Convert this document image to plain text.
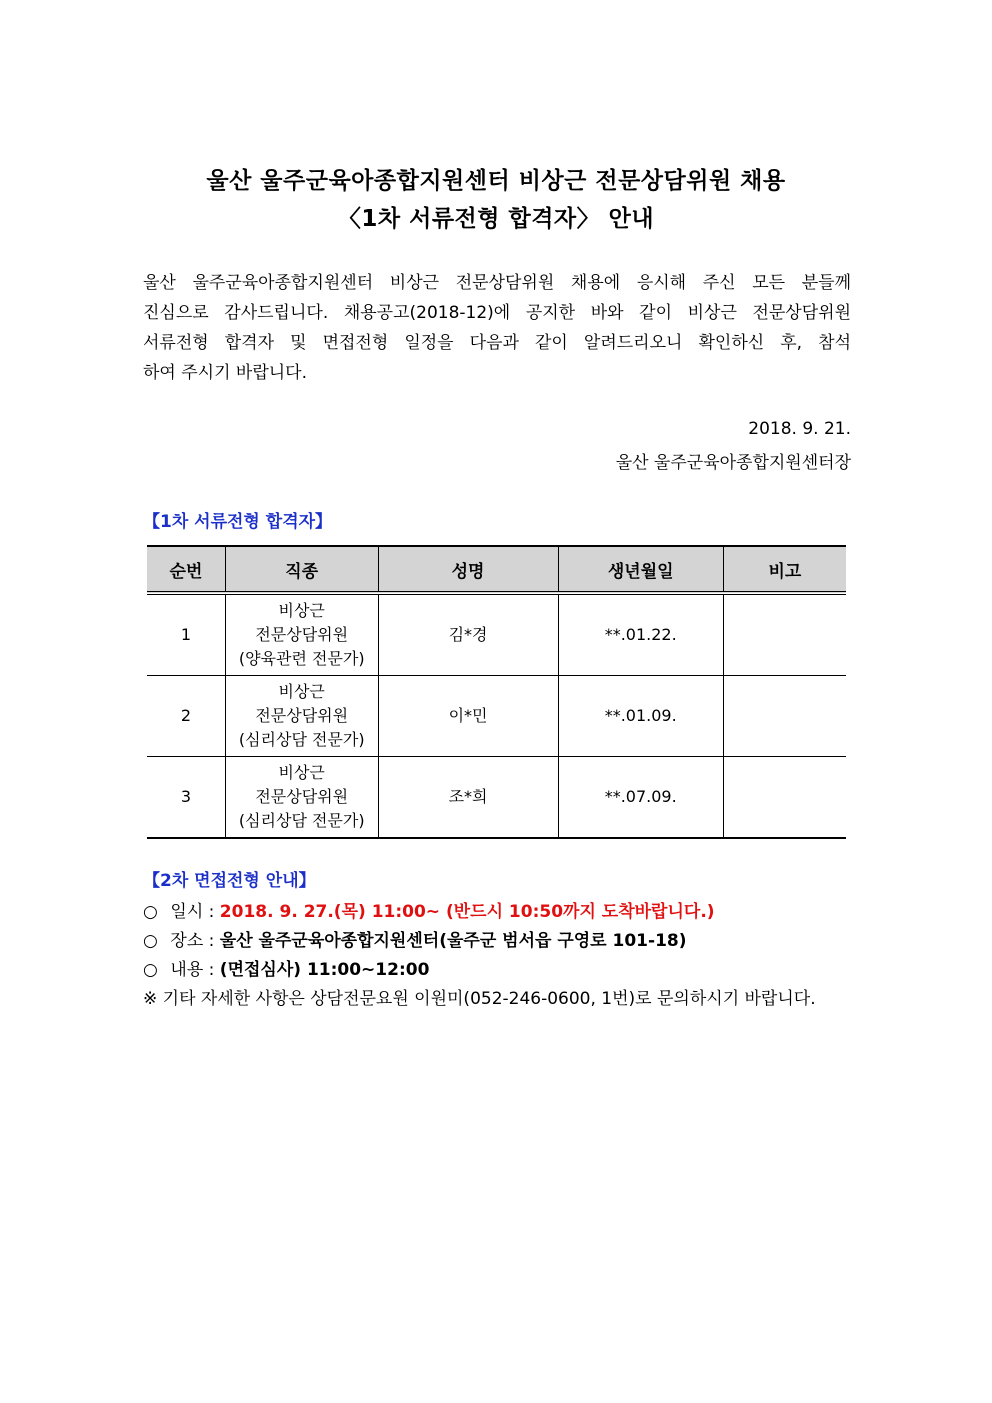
울산 울주군육아종합지원센터 비상근 전문상담위원 채용
〈1차 서류전형 합격자〉 안내
울산 울주군육아종합지원센터 비상근 전문상담위원 채용에 응시해 주신 모든 분들께
진심으로 감사드립니다. 채용공고(2018-12)에 공지한 바와 같이 비상근 전문상담위원
서류전형 합격자 및 면접전형 일정을 다음과 같이 알려드리오니 확인하신 후, 참석
하여 주시기 바랍니다.
2018. 9. 21.
울산 울주군육아종합지원센터장
【1차 서류전형 합격자】
순번	직종	성명	생년월일	비고
1	비상근
전문상담위원
(양육관련 전문가)	김*경	**.01.22.	
2	비상근
전문상담위원
(심리상담 전문가)	이*민	**.01.09.	
3	비상근
전문상담위원
(심리상담 전문가)	조*희	**.07.09.	
【2차 면접전형 안내】
○ 일시 : 2018. 9. 27.(목) 11:00~ (반드시 10:50까지 도착바랍니다.)
○ 장소 : 울산 울주군육아종합지원센터(울주군 범서읍 구영로 101-18)
○ 내용 : (면접심사) 11:00~12:00
※ 기타 자세한 사항은 상담전문요원 이원미(052-246-0600, 1번)로 문의하시기 바랍니다.
